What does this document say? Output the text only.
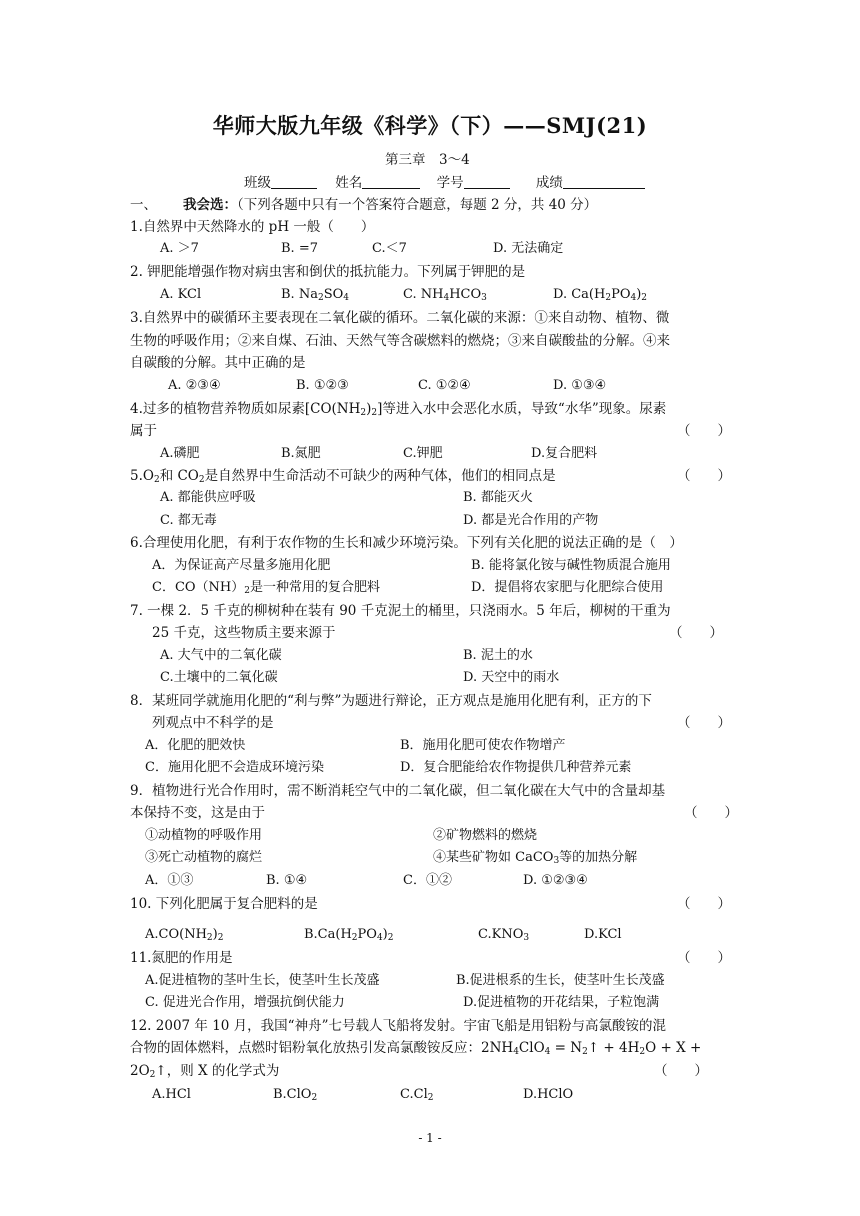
华师大版九年级《科学》（下）——SMJ(21)
第三章　3～4
班级	姓名	学号	成绩
一、 我会选：（下列各题中只有一个答案符合题意，每题 2 分，共 40 分）
1.自然界中天然降水的 pH 一般（　　）
A. ＞7	B. =7	C.＜7	D. 无法确定
2. 钾肥能增强作物对病虫害和倒伏的抵抗能力。下列属于钾肥的是
A. KCl	B. $Na_2SO_4$	C. $NH_4HCO_3$	D. $Ca(H_2PO_4)_2$
3.自然界中的碳循环主要表现在二氧化碳的循环。二氧化碳的来源：①来自动物、植物、微
生物的呼吸作用；②来自煤、石油、天然气等含碳燃料的燃烧；③来自碳酸盐的分解。④来
自碳酸的分解。其中正确的是
A. ②③④	B. ①②③	C. ①②④	D. ①③④
4.过多的植物营养物质如尿素$[CO(NH_2)_2]$等进入水中会恶化水质，导致“水华”现象。尿素
属于	（　　）
A.磷肥	B.氮肥	C.钾肥	D.复合肥料
$5.O_2$和 $CO_2$是自然界中生命活动不可缺少的两种气体，他们的相同点是	（　　）
A. 都能供应呼吸	B. 都能灭火
C. 都无毒	D. 都是光合作用的产物
6.合理使用化肥，有利于农作物的生长和减少环境污染。下列有关化肥的说法正确的是（　）
A．为保证高产尽量多施用化肥	B. 能将氯化铵与碱性物质混合施用
C．$CO(NH)_2$是一种常用的复合肥料	D．提倡将农家肥与化肥综合使用
7. 一棵 2．5 千克的柳树种在装有 90 千克泥土的桶里，只浇雨水。5 年后，柳树的干重为
25 千克，这些物质主要来源于	（　　）
A. 大气中的二氧化碳	B. 泥土的水
C.土壤中的二氧化碳	D. 天空中的雨水
8．某班同学就施用化肥的“利与弊”为题进行辩论，正方观点是施用化肥有利，正方的下
列观点中不科学的是	（　　）
A．化肥的肥效快	B．施用化肥可使农作物增产
C．施用化肥不会造成环境污染	D．复合肥能给农作物提供几种营养元素
9．植物进行光合作用时，需不断消耗空气中的二氧化碳，但二氧化碳在大气中的含量却基
本保持不变，这是由于	（　　）
①动植物的呼吸作用	②矿物燃料的燃烧
③死亡动植物的腐烂	④某些矿物如 CaCO$_3$等的加热分解
A．①③	B. ①④	C．①②	D. ①②③④
10. 下列化肥属于复合肥料的是	（　　）
$A.CO(NH_2)_2$	$B.Ca(H_2PO_4)_2$	$C.KNO_3$	D.KCl
11.氮肥的作用是	（　　）
A.促进植物的茎叶生长，使茎叶生长茂盛	B.促进根系的生长，使茎叶生长茂盛
C. 促进光合作用，增强抗倒伏能力	D.促进植物的开花结果，子粒饱满
12. 2007 年 10 月，我国“神舟”七号载人飞船将发射。宇宙飞船是用铝粉与高氯酸铵的混
合物的固体燃料，点燃时铝粉氧化放热引发高氯酸铵反应：$2NH_4ClO_4$ = $N_2↑ + 4H_2O + X$ +
$2O_2↑$，则 X 的化学式为	（　　）
A.HCl	B.ClO$_2$	$C.Cl_2$	D.HClO
- 1 -
